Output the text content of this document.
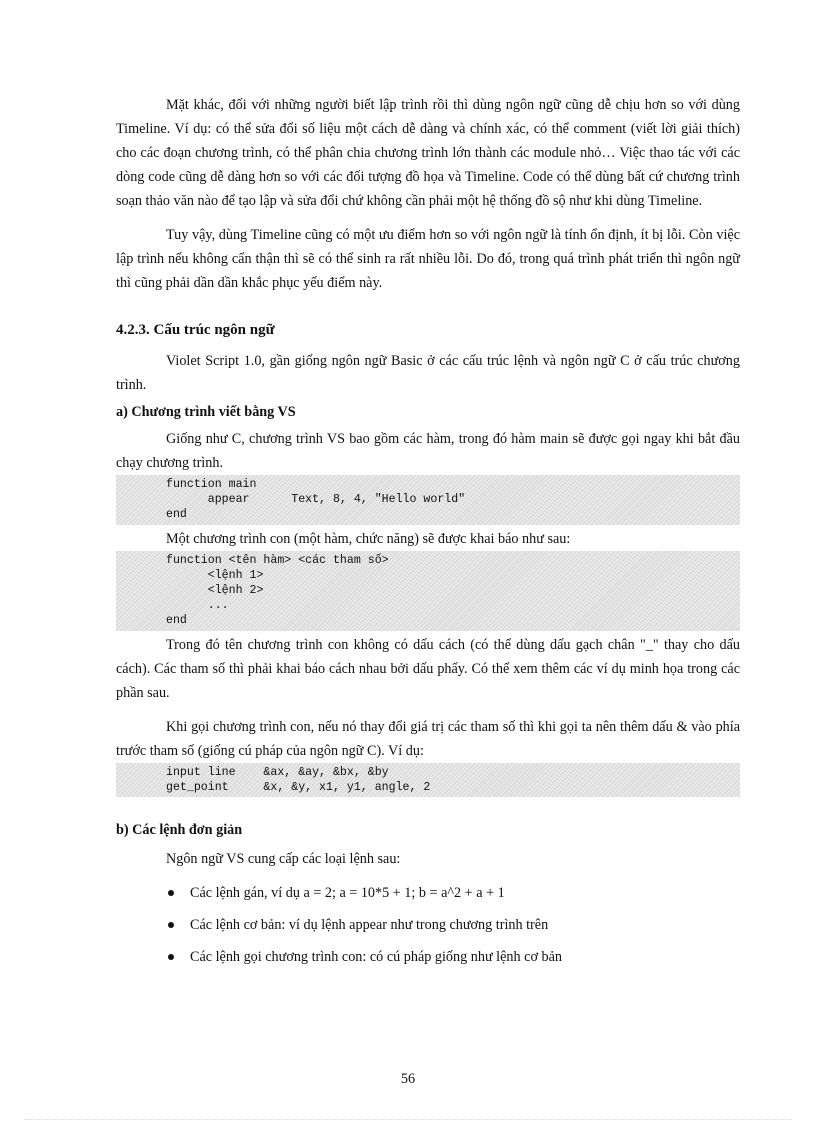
Mặt khác, đối với những người biết lập trình rồi thì dùng ngôn ngữ cũng dễ chịu hơn so với dùng Timeline. Ví dụ: có thể sửa đổi số liệu một cách dễ dàng và chính xác, có thể comment (viết lời giải thích) cho các đoạn chương trình, có thể phân chia chương trình lớn thành các module nhỏ… Việc thao tác với các dòng code cũng dễ dàng hơn so với các đối tượng đồ họa và Timeline. Code có thể dùng bất cứ chương trình soạn thảo văn nào để tạo lập và sửa đổi chứ không cần phải một hệ thống đồ sộ như khi dùng Timeline.

Tuy vậy, dùng Timeline cũng có một ưu điểm hơn so với ngôn ngữ là tính ổn định, ít bị lỗi. Còn việc lập trình nếu không cẩn thận thì sẽ có thể sinh ra rất nhiều lỗi. Do đó, trong quá trình phát triển thì ngôn ngữ thì cũng phải dần dần khắc phục yếu điểm này.

4.2.3. Cấu trúc ngôn ngữ

Violet Script 1.0, gần giống ngôn ngữ Basic ở các cấu trúc lệnh và ngôn ngữ C ở cấu trúc chương trình.

a) Chương trình viết bằng VS

Giống như C, chương trình VS bao gồm các hàm, trong đó hàm main sẽ được gọi ngay khi bắt đầu chạy chương trình.

function main
appear      Text, 8, 4, "Hello world"
end

Một chương trình con (một hàm, chức năng) sẽ được khai báo như sau:

function <tên hàm> <các tham số>
<lệnh 1>
<lệnh 2>
...
end

Trong đó tên chương trình con không có dấu cách (có thể dùng dấu gạch chân "_" thay cho dấu cách). Các tham số thì phải khai báo cách nhau bởi dấu phẩy. Có thể xem thêm các ví dụ minh họa trong các phần sau.

Khi gọi chương trình con, nếu nó thay đổi giá trị các tham số thì khi gọi ta nên thêm dấu & vào phía trước tham số (giống cú pháp của ngôn ngữ C). Ví dụ:

input line    &ax, &ay, &bx, &by
get_point     &x, &y, x1, y1, angle, 2
b) Các lệnh đơn giản

Ngôn ngữ VS cung cấp các loại lệnh sau:

Các lệnh gán, ví dụ a = 2; a = 10*5 + 1; b = a^2 + a + 1
Các lệnh cơ bản: ví dụ lệnh appear như trong chương trình trên
Các lệnh gọi chương trình con: có cú pháp giống như lệnh cơ bản
56
